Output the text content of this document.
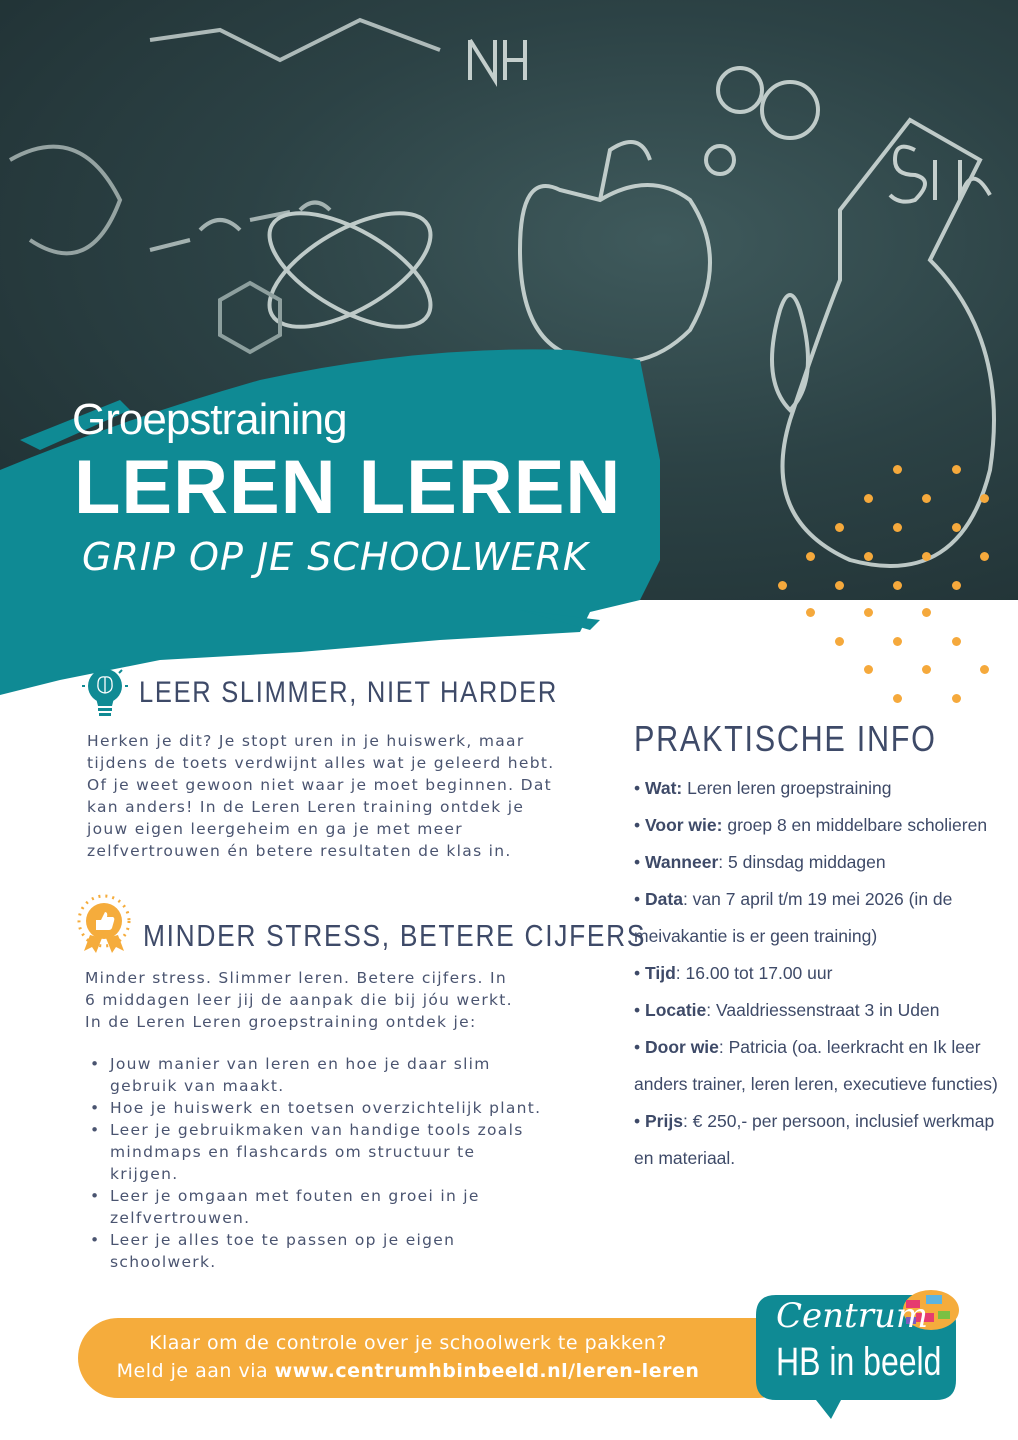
Groepstraining
LEREN LEREN
GRIP OP JE SCHOOLWERK
LEER SLIMMER, NIET HARDER

Herken je dit? Je stopt uren in je huiswerk, maar tijdens de toets verdwijnt alles wat je geleerd hebt. Of je weet gewoon niet waar je moet beginnen. Dat kan anders! In de Leren Leren training ontdek je jouw eigen leergeheim en ga je met meer zelfvertrouwen én betere resultaten de klas in.

MINDER STRESS, BETERE CIJFERS
Minder stress. Slimmer leren. Betere cijfers. In
6 middagen leer jij de aanpak die bij jóu werkt.
In de Leren Leren groepstraining ontdek je:
• Jouw manier van leren en hoe je daar slim gebruik van maakt.
• Hoe je huiswerk en toetsen overzichtelijk plant.
• Leer je gebruikmaken van handige tools zoals mindmaps en flashcards om structuur te krijgen.
• Leer je omgaan met fouten en groei in je zelfvertrouwen.
• Leer je alles toe te passen op je eigen schoolwerk.
PRAKTISCHE INFO
• Wat: Leren leren groepstraining
• Voor wie: groep 8 en middelbare scholieren
• Wanneer: 5 dinsdag middagen
• Data: van 7 april t/m 19 mei 2026 (in de meivakantie is er geen training)
• Tijd: 16.00 tot 17.00 uur
• Locatie: Vaaldriessenstraat 3 in Uden
• Door wie: Patricia (oa. leerkracht en Ik leer anders trainer, leren leren, executieve functies)
• Prijs: € 250,- per persoon, inclusief werkmap en materiaal.
Klaar om de controle over je schoolwerk te pakken?
Meld je aan via www.centrumhbinbeeld.nl/leren-leren
Centrum
HB in beeld
